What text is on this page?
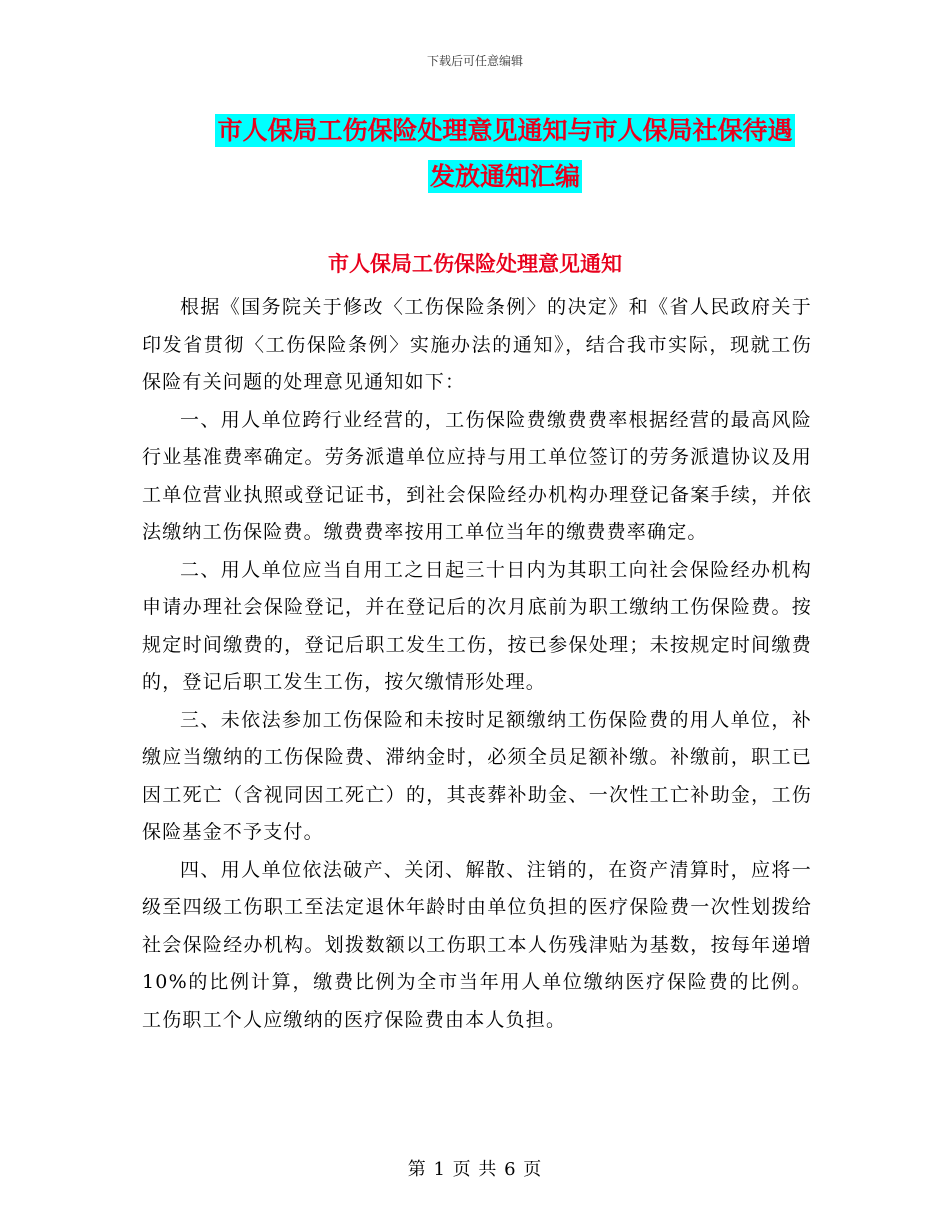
下载后可任意编辑
市人保局工伤保险处理意见通知与市人保局社保待遇
发放通知汇编
市人保局工伤保险处理意见通知

根据《国务院关于修改〈工伤保险条例〉的决定》和《省人民政府关于印发省贯彻〈工伤保险条例〉实施办法的通知》，结合我市实际，现就工伤保险有关问题的处理意见通知如下：

一、用人单位跨行业经营的，工伤保险费缴费费率根据经营的最高风险行业基准费率确定。劳务派遣单位应持与用工单位签订的劳务派遣协议及用工单位营业执照或登记证书，到社会保险经办机构办理登记备案手续，并依法缴纳工伤保险费。缴费费率按用工单位当年的缴费费率确定。

二、用人单位应当自用工之日起三十日内为其职工向社会保险经办机构申请办理社会保险登记，并在登记后的次月底前为职工缴纳工伤保险费。按规定时间缴费的，登记后职工发生工伤，按已参保处理；未按规定时间缴费的，登记后职工发生工伤，按欠缴情形处理。

三、未依法参加工伤保险和未按时足额缴纳工伤保险费的用人单位，补缴应当缴纳的工伤保险费、滞纳金时，必须全员足额补缴。补缴前，职工已因工死亡（含视同因工死亡）的，其丧葬补助金、一次性工亡补助金，工伤保险基金不予支付。

四、用人单位依法破产、关闭、解散、注销的，在资产清算时，应将一级至四级工伤职工至法定退休年龄时由单位负担的医疗保险费一次性划拨给社会保险经办机构。划拨数额以工伤职工本人伤残津贴为基数，按每年递增10%的比例计算，缴费比例为全市当年用人单位缴纳医疗保险费的比例。工伤职工个人应缴纳的医疗保险费由本人负担。

第 1 页 共 6 页
